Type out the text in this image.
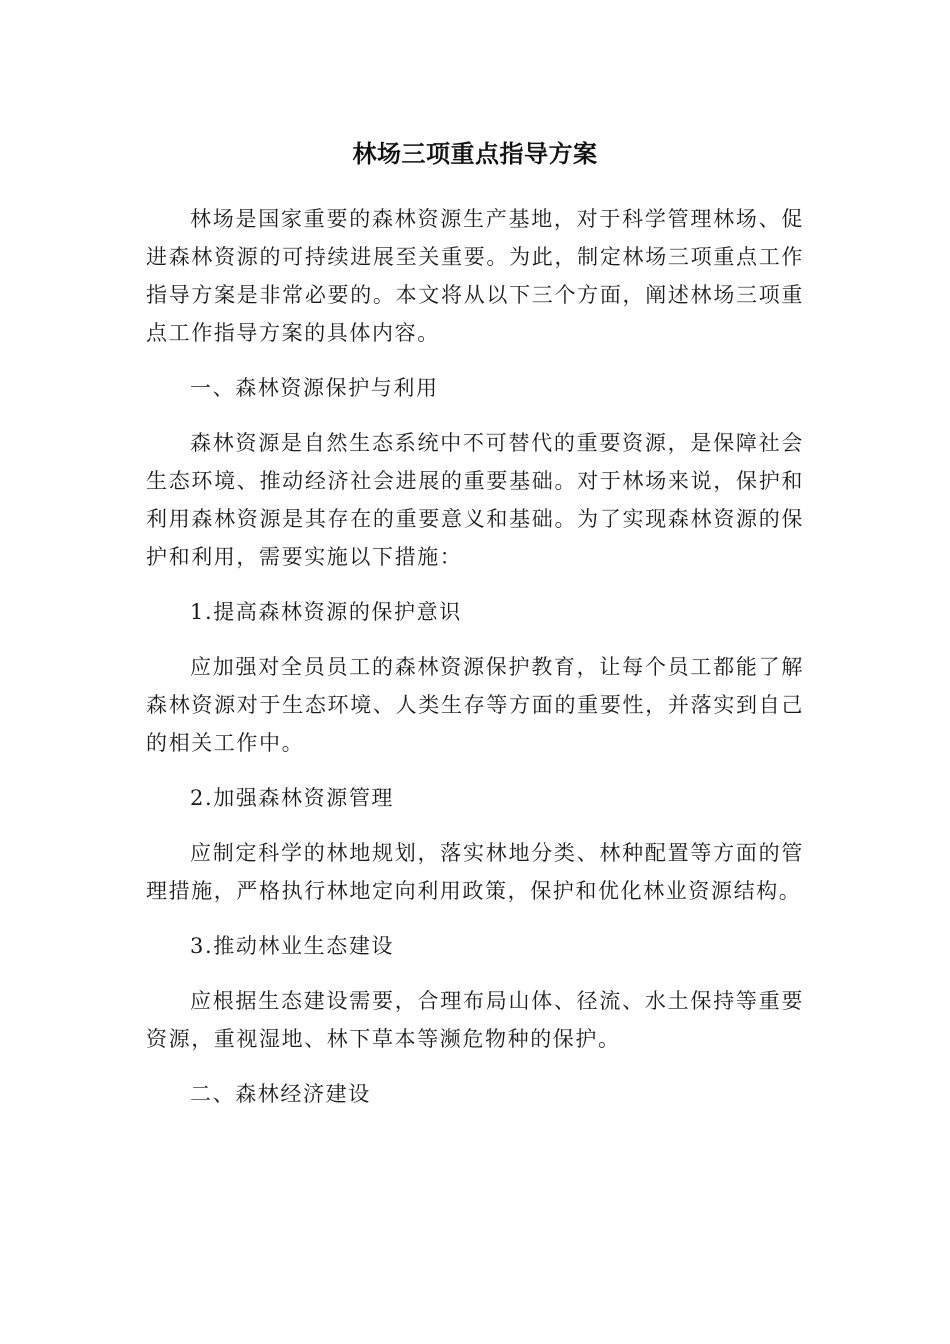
林场三项重点指导方案

林场是国家重要的森林资源生产基地，对于科学管理林场、促进森林资源的可持续进展至关重要。为此，制定林场三项重点工作指导方案是非常必要的。本文将从以下三个方面，阐述林场三项重点工作指导方案的具体内容。

一、森林资源保护与利用

森林资源是自然生态系统中不可替代的重要资源，是保障社会生态环境、推动经济社会进展的重要基础。对于林场来说，保护和利用森林资源是其存在的重要意义和基础。为了实现森林资源的保护和利用，需要实施以下措施：

1.提高森林资源的保护意识

应加强对全员员工的森林资源保护教育，让每个员工都能了解森林资源对于生态环境、人类生存等方面的重要性，并落实到自己的相关工作中。

2.加强森林资源管理

应制定科学的林地规划，落实林地分类、林种配置等方面的管理措施，严格执行林地定向利用政策，保护和优化林业资源结构。

3.推动林业生态建设

应根据生态建设需要，合理布局山体、径流、水土保持等重要资源，重视湿地、林下草本等濒危物种的保护。

二、森林经济建设
